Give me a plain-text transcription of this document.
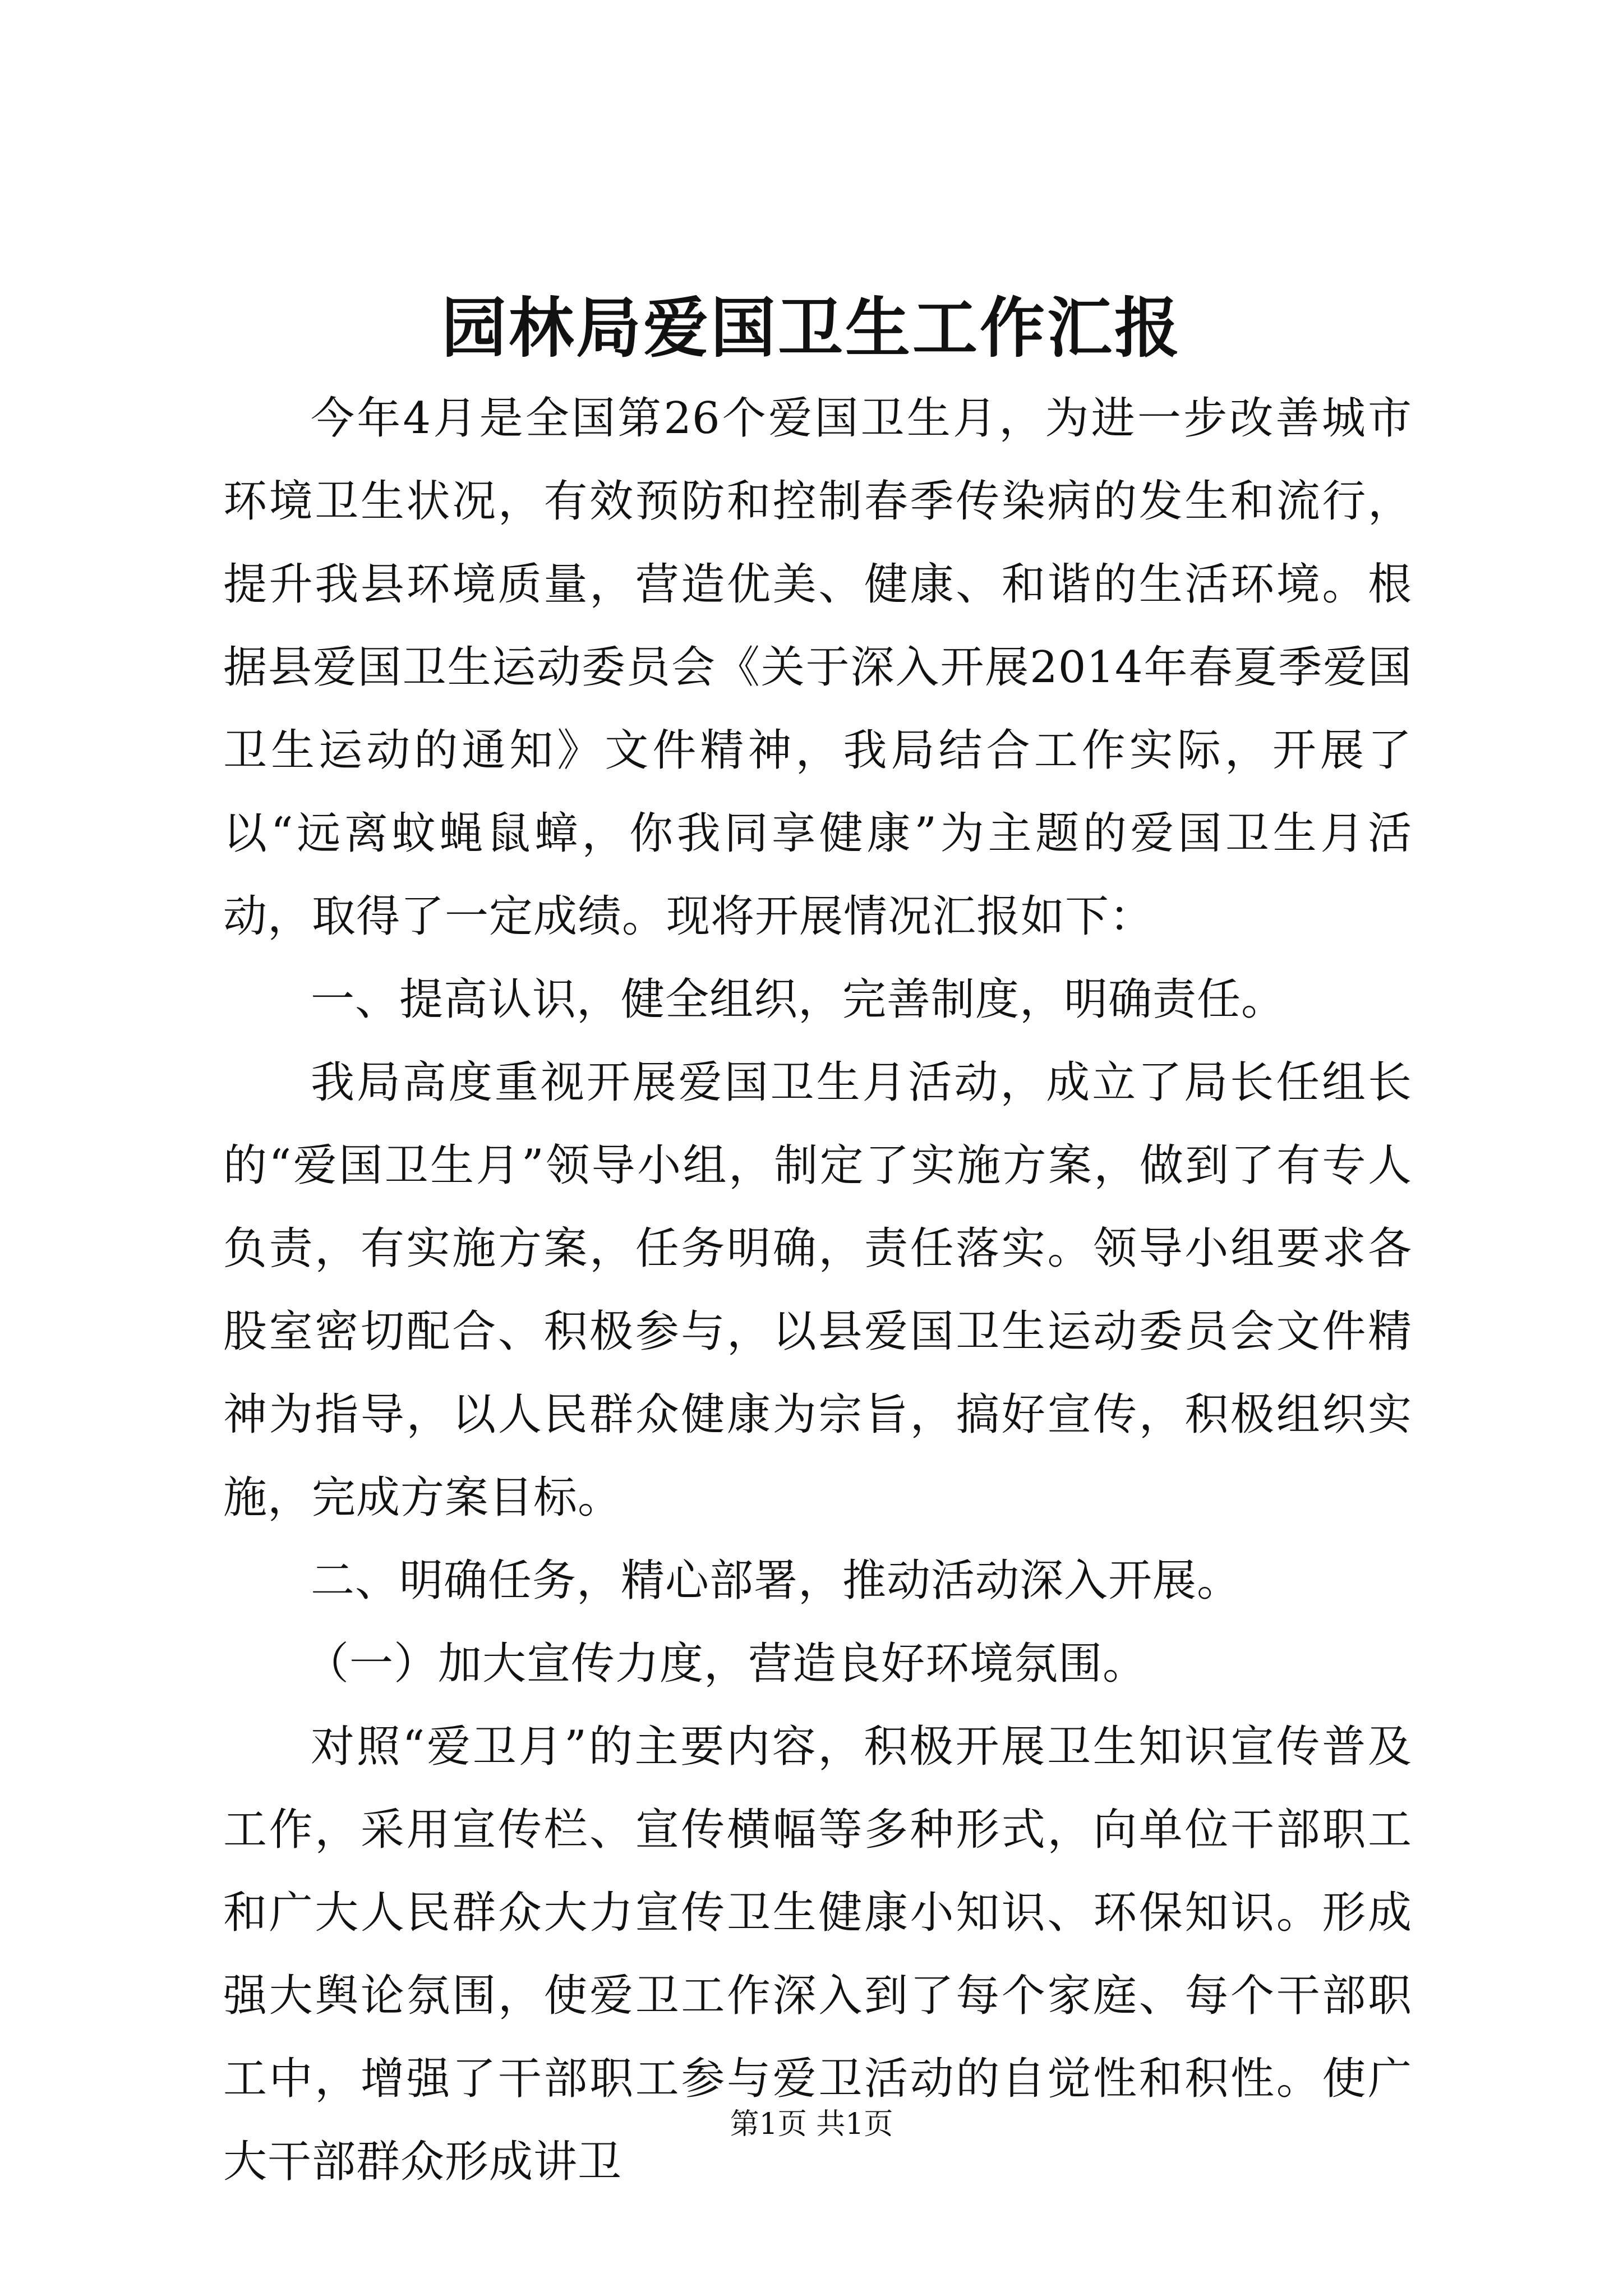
园林局爱国卫生工作汇报

今年4月是全国第26个爱国卫生月，为进一步改善城市环境卫生状况，有效预防和控制春季传染病的发生和流行，提升我县环境质量，营造优美、健康、和谐的生活环境。根据县爱国卫生运动委员会《关于深入开展2014年春夏季爱国卫生运动的通知》文件精神，我局结合工作实际，开展了以“远离蚊蝇鼠蟑，你我同享健康”为主题的爱国卫生月活动，取得了一定成绩。现将开展情况汇报如下：

一、提高认识，健全组织，完善制度，明确责任。

我局高度重视开展爱国卫生月活动，成立了局长任组长的“爱国卫生月”领导小组，制定了实施方案，做到了有专人负责，有实施方案，任务明确，责任落实。领导小组要求各股室密切配合、积极参与，以县爱国卫生运动委员会文件精神为指导，以人民群众健康为宗旨，搞好宣传，积极组织实施，完成方案目标。

二、明确任务，精心部署，推动活动深入开展。

（一）加大宣传力度，营造良好环境氛围。

对照“爱卫月”的主要内容，积极开展卫生知识宣传普及工作，采用宣传栏、宣传横幅等多种形式，向单位干部职工和广大人民群众大力宣传卫生健康小知识、环保知识。形成强大舆论氛围，使爱卫工作深入到了每个家庭、每个干部职工中，增强了干部职工参与爱卫活动的自觉性和积性。使广大干部群众形成讲卫

第1页 共1页
